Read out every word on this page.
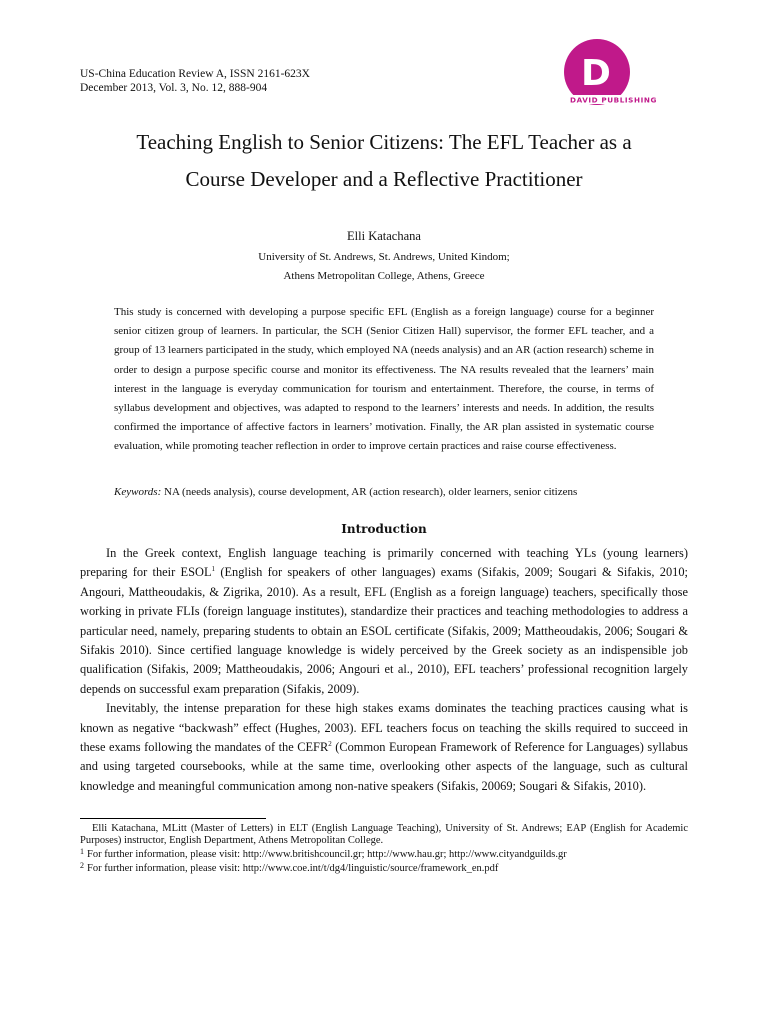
US-China Education Review A, ISSN 2161-623X
December 2013, Vol. 3, No. 12, 888-904	D
DAVID PUBLISHING
Teaching English to Senior Citizens: The EFL Teacher as a
Course Developer and a Reflective Practitioner
Elli Katachana
University of St. Andrews, St. Andrews, United Kindom;
Athens Metropolitan College, Athens, Greece
This study is concerned with developing a purpose specific EFL (English as a foreign language) course for a beginner senior citizen group of learners. In particular, the SCH (Senior Citizen Hall) supervisor, the former EFL teacher, and a group of 13 learners participated in the study, which employed NA (needs analysis) and an AR (action research) scheme in order to design a purpose specific course and monitor its effectiveness. The NA results revealed that the learners’ main interest in the language is everyday communication for tourism and entertainment. Therefore, the course, in terms of syllabus development and objectives, was adapted to respond to the learners’ interests and needs. In addition, the results confirmed the importance of affective factors in learners’ motivation. Finally, the AR plan assisted in systematic course evaluation, while promoting teacher reflection in order to improve certain practices and raise course effectiveness.
Keywords: NA (needs analysis), course development, AR (action research), older learners, senior citizens
Introduction

In the Greek context, English language teaching is primarily concerned with teaching YLs (young learners) preparing for their ESOL$^1$ (English for speakers of other languages) exams (Sifakis, 2009; Sougari & Sifakis, 2010; Angouri, Mattheoudakis, & Zigrika, 2010). As a result, EFL (English as a foreign language) teachers, specifically those working in private FLIs (foreign language institutes), standardize their practices and teaching methodologies to address a particular need, namely, preparing students to obtain an ESOL certificate (Sifakis, 2009; Mattheoudakis, 2006; Sougari & Sifakis 2010). Since certified language knowledge is widely perceived by the Greek society as an indispensible job qualification (Sifakis, 2009; Mattheoudakis, 2006; Angouri et al., 2010), EFL teachers’ professional recognition largely depends on successful exam preparation (Sifakis, 2009).

Inevitably, the intense preparation for these high stakes exams dominates the teaching practices causing what is known as negative “backwash” effect (Hughes, 2003). EFL teachers focus on teaching the skills required to succeed in these exams following the mandates of the CEFR$^2$ (Common European Framework of Reference for Languages) syllabus and using targeted coursebooks, while at the same time, overlooking other aspects of the language, such as cultural knowledge and meaningful communication among non-native speakers (Sifakis, 20069; Sougari & Sifakis, 2010).

Elli Katachana, MLitt (Master of Letters) in ELT (English Language Teaching), University of St. Andrews; EAP (English for Academic Purposes) instructor, English Department, Athens Metropolitan College.
$^1$ For further information, please visit: http://www.britishcouncil.gr; http://www.hau.gr; http://www.cityandguilds.gr
$^2$ For further information, please visit: http://www.coe.int/t/dg4/linguistic/source/framework_en.pdf
